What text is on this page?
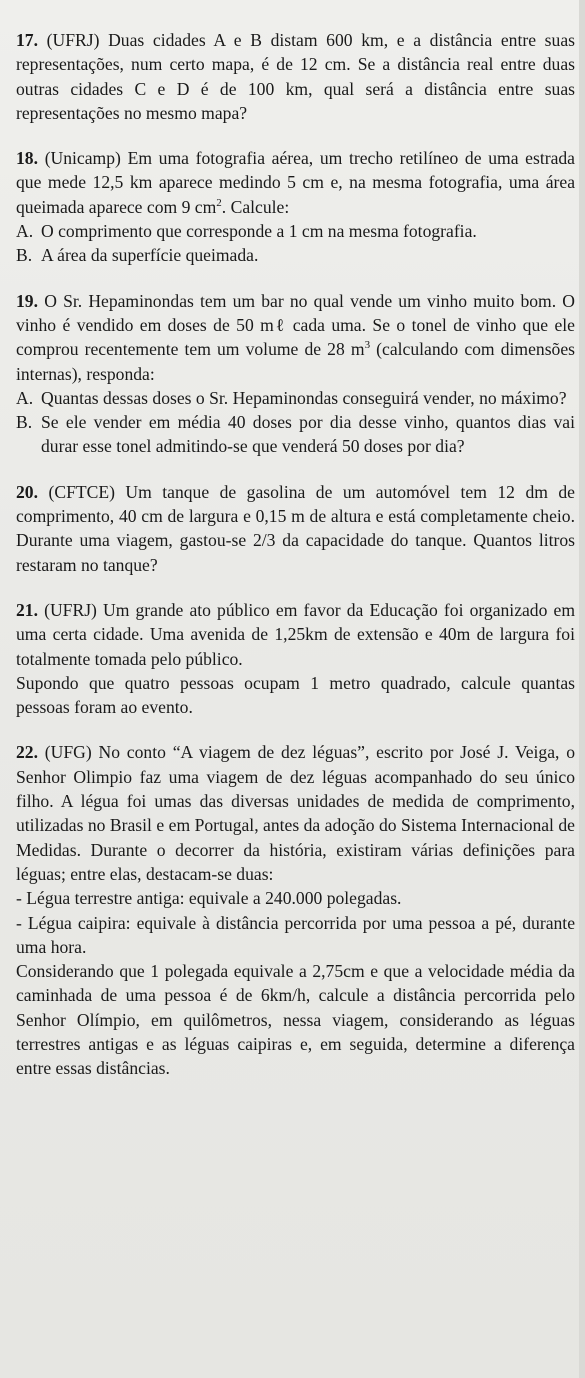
17. (UFRJ) Duas cidades A e B distam 600 km, e a distância entre suas representações, num certo mapa, é de 12 cm. Se a distância real entre duas outras cidades C e D é de 100 km, qual será a distância entre suas representações no mesmo mapa?

18. (Unicamp) Em uma fotografia aérea, um trecho retilíneo de uma estrada que mede 12,5 km aparece medindo 5 cm e, na mesma fotografia, uma área queimada aparece com 9 $cm^2$. Calcule:

A. O comprimento que corresponde a 1 cm na mesma fotografia.
B. A área da superfície queimada.

19. O Sr. Hepaminondas tem um bar no qual vende um vinho muito bom. O vinho é vendido em doses de 50 mℓ cada uma. Se o tonel de vinho que ele comprou recentemente tem um volume de 28 $m^3$ (calculando com dimensões internas), responda:

A. Quantas dessas doses o Sr. Hepaminondas conseguirá vender, no máximo?
B. Se ele vender em média 40 doses por dia desse vinho, quantos dias vai durar esse tonel admitindo-se que venderá 50 doses por dia?

20. (CFTCE) Um tanque de gasolina de um automóvel tem 12 dm de comprimento, 40 cm de largura e 0,15 m de altura e está completamente cheio. Durante uma viagem, gastou-se 2/3 da capacidade do tanque. Quantos litros restaram no tanque?

21. (UFRJ) Um grande ato público em favor da Educação foi organizado em uma certa cidade. Uma avenida de 1,25km de extensão e 40m de largura foi totalmente tomada pelo público.

Supondo que quatro pessoas ocupam 1 metro quadrado, calcule quantas pessoas foram ao evento.

22. (UFG) No conto “A viagem de dez léguas”, escrito por José J. Veiga, o Senhor Olimpio faz uma viagem de dez léguas acompanhado do seu único filho. A légua foi umas das diversas unidades de medida de comprimento, utilizadas no Brasil e em Portugal, antes da adoção do Sistema Internacional de Medidas. Durante o decorrer da história, existiram várias definições para léguas; entre elas, destacam-se duas:

- Légua terrestre antiga: equivale a 240.000 polegadas.

- Légua caipira: equivale à distância percorrida por uma pessoa a pé, durante uma hora.

Considerando que 1 polegada equivale a 2,75cm e que a velocidade média da caminhada de uma pessoa é de 6km/h, calcule a distância percorrida pelo Senhor Olímpio, em quilômetros, nessa viagem, considerando as léguas terrestres antigas e as léguas caipiras e, em seguida, determine a diferença entre essas distâncias.
